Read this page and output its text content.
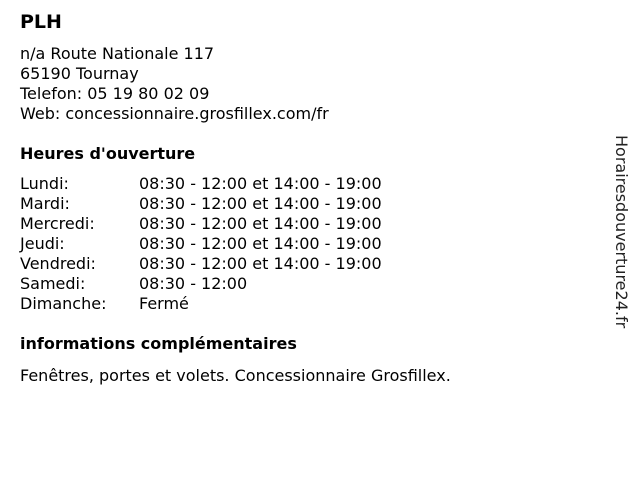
PLH
n/a Route Nationale 117
65190 Tournay
Telefon: 05 19 80 02 09
Web: concessionnaire.grosfillex.com/fr
Heures d'ouverture
Lundi:	08:30 - 12:00 et 14:00 - 19:00
Mardi:	08:30 - 12:00 et 14:00 - 19:00
Mercredi:	08:30 - 12:00 et 14:00 - 19:00
Jeudi:	08:30 - 12:00 et 14:00 - 19:00
Vendredi:	08:30 - 12:00 et 14:00 - 19:00
Samedi:	08:30 - 12:00
Dimanche:	Fermé
informations complémentaires
Fenêtres, portes et volets. Concessionnaire Grosfillex.
Horairesdouverture24.fr
